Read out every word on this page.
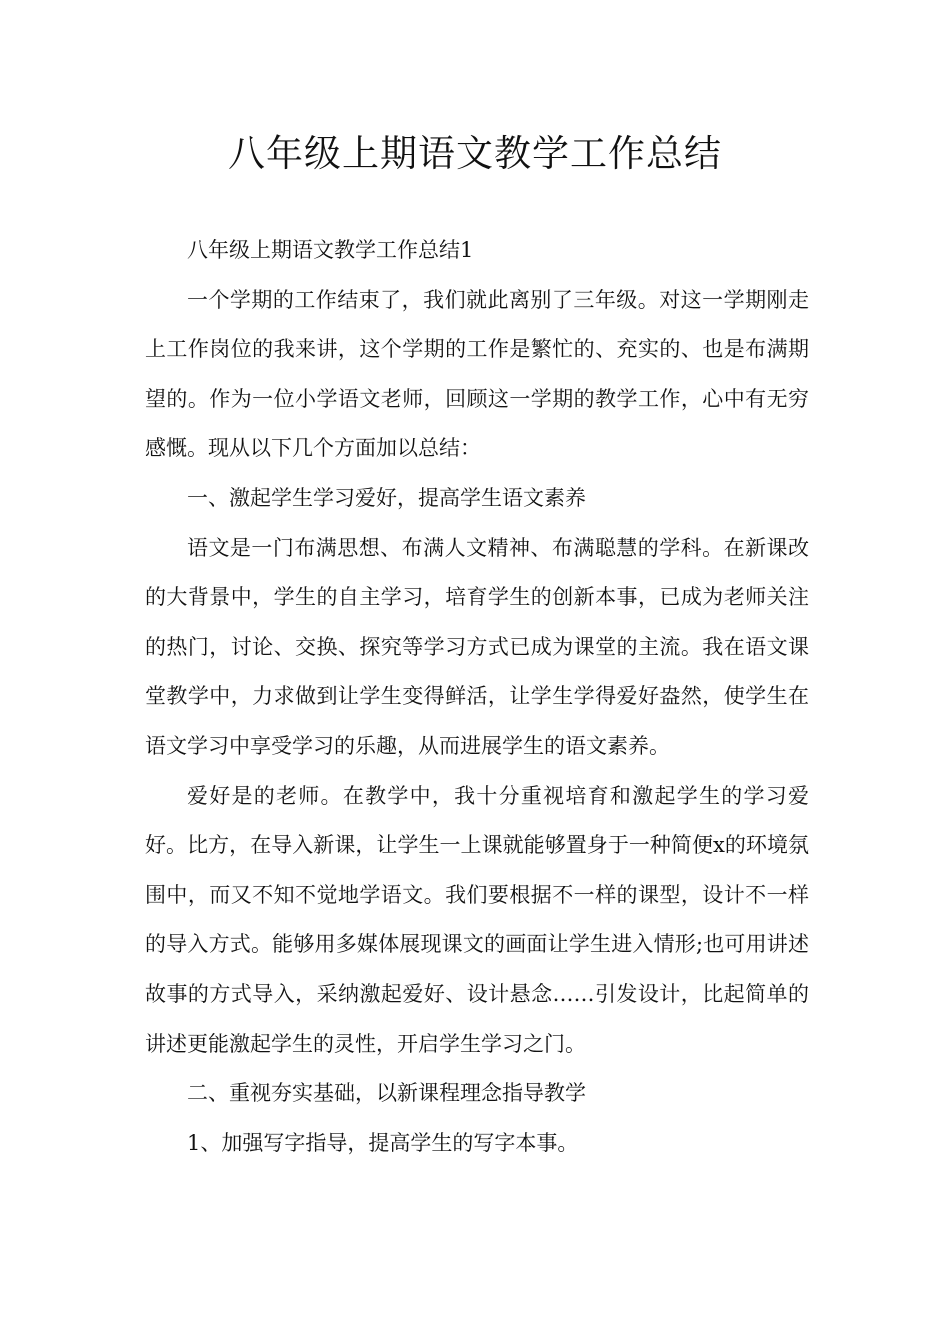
八年级上期语文教学工作总结

八年级上期语文教学工作总结1

一个学期的工作结束了，我们就此离别了三年级。对这一学期刚走上工作岗位的我来讲，这个学期的工作是繁忙的、充实的、也是布满期望的。作为一位小学语文老师，回顾这一学期的教学工作，心中有无穷感慨。现从以下几个方面加以总结：

一、激起学生学习爱好，提高学生语文素养

语文是一门布满思想、布满人文精神、布满聪慧的学科。在新课改的大背景中，学生的自主学习，培育学生的创新本事，已成为老师关注的热门，讨论、交换、探究等学习方式已成为课堂的主流。我在语文课堂教学中，力求做到让学生变得鲜活，让学生学得爱好盎然，使学生在语文学习中享受学习的乐趣，从而进展学生的语文素养。

爱好是的老师。在教学中，我十分重视培育和激起学生的学习爱好。比方，在导入新课，让学生一上课就能够置身于一种简便x的环境氛围中，而又不知不觉地学语文。我们要根据不一样的课型，设计不一样的导入方式。能够用多媒体展现课文的画面让学生进入情形;也可用讲述故事的方式导入，采纳激起爱好、设计悬念……引发设计，比起简单的讲述更能激起学生的灵性，开启学生学习之门。

二、重视夯实基础，以新课程理念指导教学

1、加强写字指导，提高学生的写字本事。
